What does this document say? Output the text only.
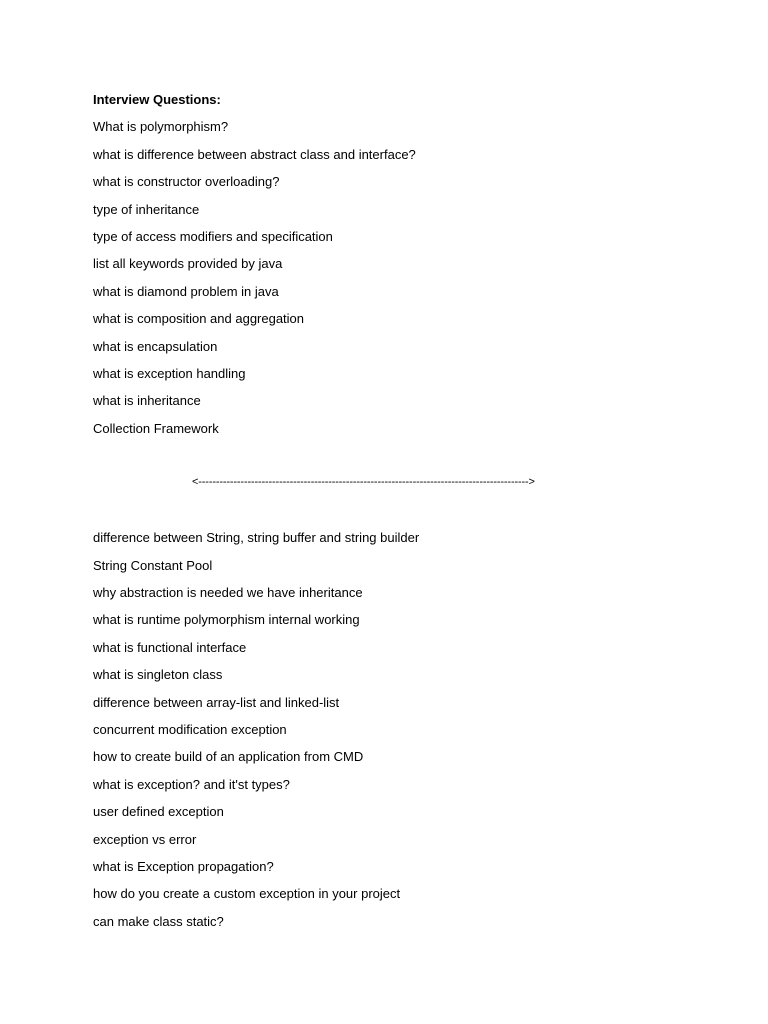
Interview Questions:
What is polymorphism?
what is difference between abstract class and interface?
what is constructor overloading?
type of inheritance
type of access modifiers and specification
list all keywords provided by java
what is diamond problem in java
what is composition and aggregation
what is encapsulation
what is exception handling
what is inheritance
Collection Framework
<---------------------------------------------------------------------------------------------->
difference between String, string buffer and string builder
String Constant Pool
why abstraction is needed we have inheritance
what is runtime polymorphism internal working
what is functional interface
what is singleton class
difference between array-list and linked-list
concurrent modification exception
how to create build of an application from CMD
what is exception? and it'st types?
user defined exception
exception vs error
what is Exception propagation?
how do you create a custom exception in your project
can make class static?
